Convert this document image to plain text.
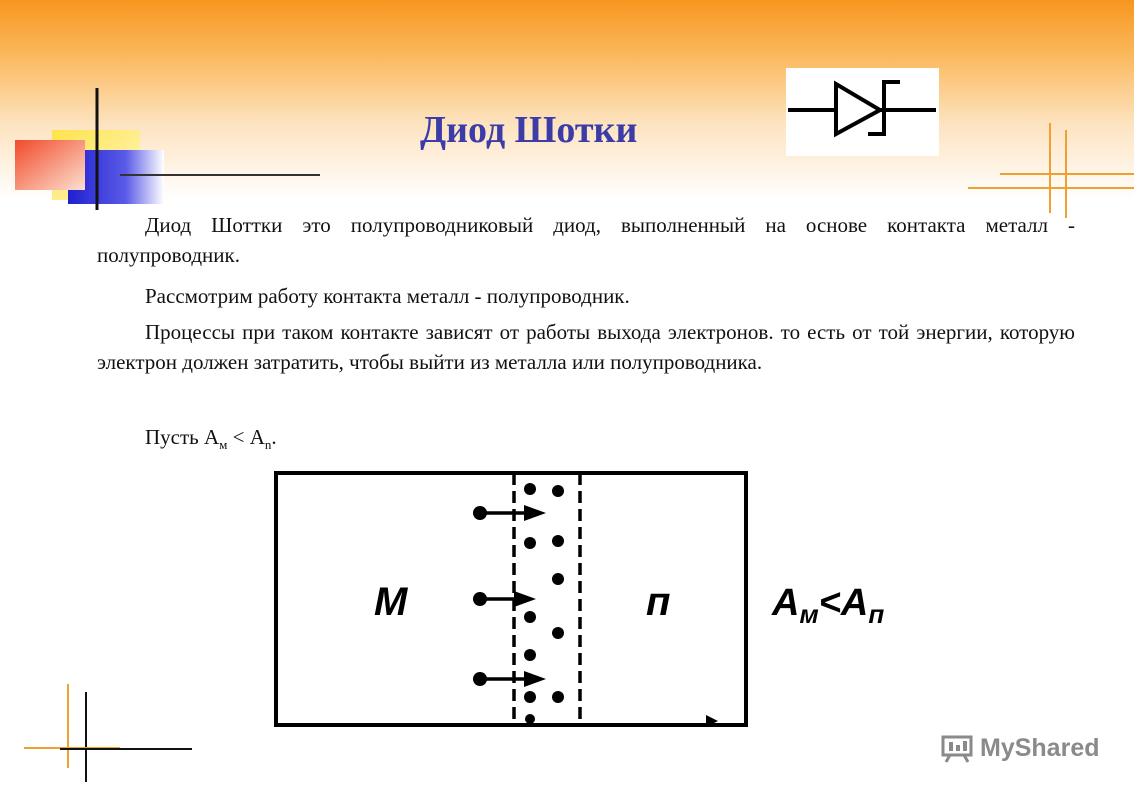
Диод Шотки

Диод Шоттки это полупроводниковый диод, выполненный на основе контакта металл - полупроводник.

Рассмотрим работу контакта металл - полупроводник.

Процессы при таком контакте зависят от работы выхода электронов. то есть от той энергии, которую электрон должен затратить, чтобы выйти из металла или полупроводника.

Пусть $А_м < А_n$.

М	п	Ам<Ап
MyShared
